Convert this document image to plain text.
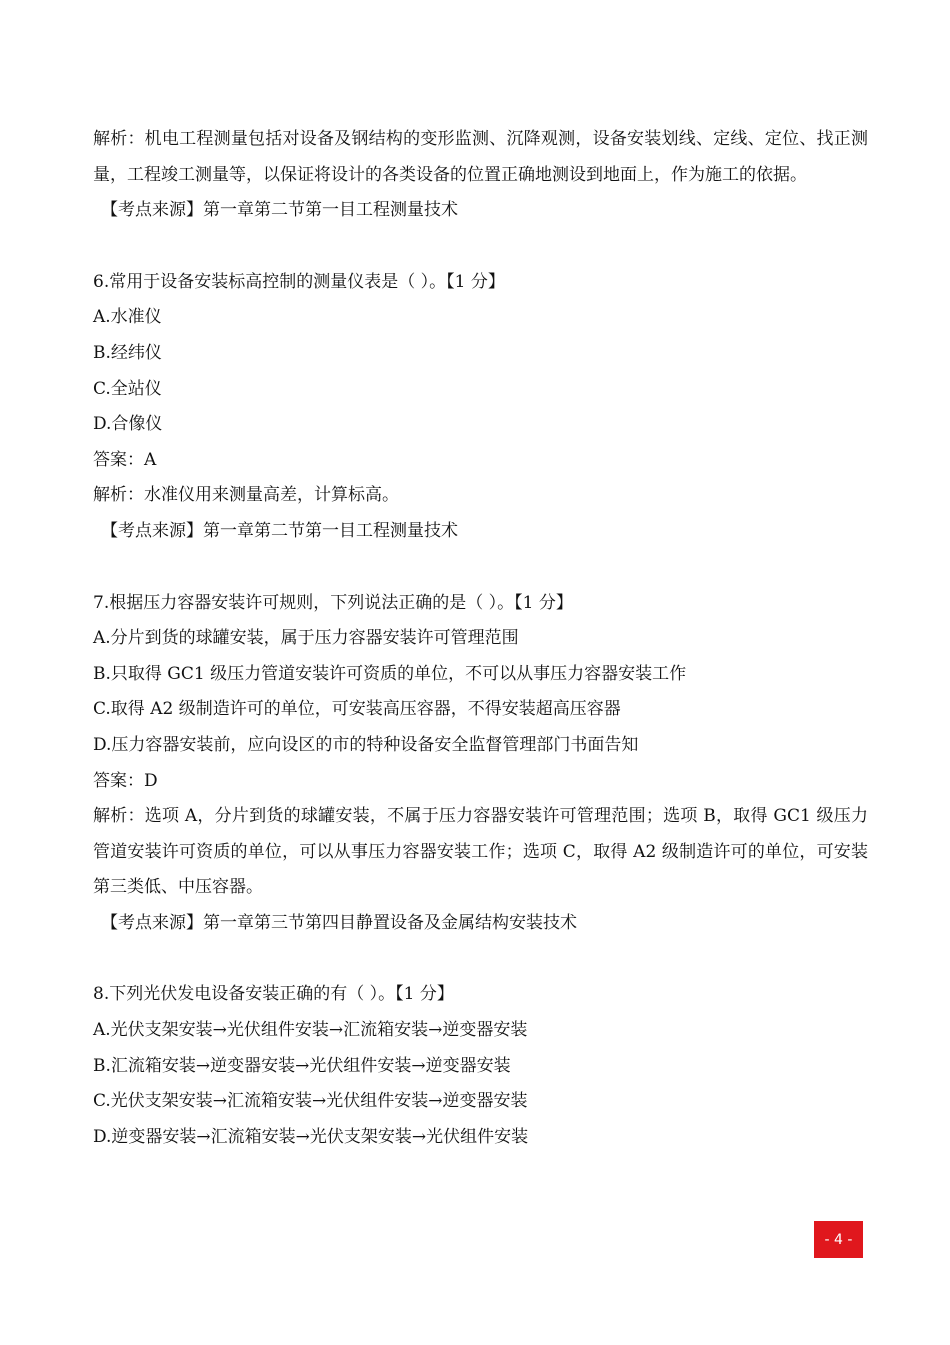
解析：机电工程测量包括对设备及钢结构的变形监测、沉降观测，设备安装划线、定线、定位、找正测量，工程竣工测量等，以保证将设计的各类设备的位置正确地测设到地面上，作为施工的依据。
【考点来源】第一章第二节第一目工程测量技术
6.常用于设备安装标高控制的测量仪表是（ ）。【1 分】
A.水准仪
B.经纬仪
C.全站仪
D.合像仪
答案：A
解析：水准仪用来测量高差，计算标高。
【考点来源】第一章第二节第一目工程测量技术
7.根据压力容器安装许可规则，下列说法正确的是（ ）。【1 分】
A.分片到货的球罐安装，属于压力容器安装许可管理范围
B.只取得 GC1 级压力管道安装许可资质的单位，不可以从事压力容器安装工作
C.取得 A2 级制造许可的单位，可安装高压容器，不得安装超高压容器
D.压力容器安装前，应向设区的市的特种设备安全监督管理部门书面告知
答案：D
解析：选项 A，分片到货的球罐安装，不属于压力容器安装许可管理范围；选项 B，取得 GC1 级压力管道安装许可资质的单位，可以从事压力容器安装工作；选项 C，取得 A2 级制造许可的单位，可安装第三类低、中压容器。
【考点来源】第一章第三节第四目静置设备及金属结构安装技术
8.下列光伏发电设备安装正确的有（ ）。【1 分】
A.光伏支架安装→光伏组件安装→汇流箱安装→逆变器安装
B.汇流箱安装→逆变器安装→光伏组件安装→逆变器安装
C.光伏支架安装→汇流箱安装→光伏组件安装→逆变器安装
D.逆变器安装→汇流箱安装→光伏支架安装→光伏组件安装
- 4 -
